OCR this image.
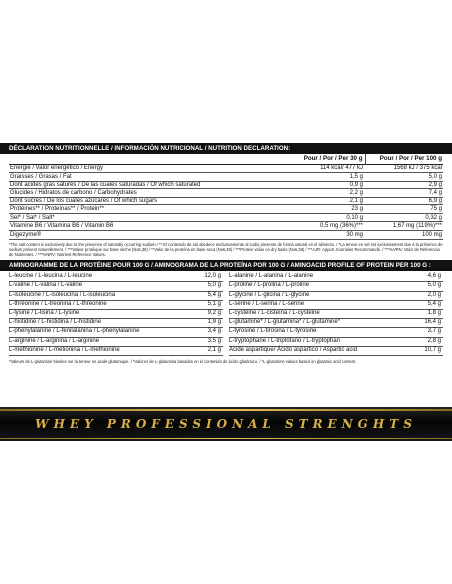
DÉCLARATION NUTRITIONNELLE / INFORMACIÓN NUTRICIONAL / NUTRITION DECLARATION:
	Pour / Por / Per 30 g	Pour / Por / Per 100 g
Energie / Valor energético / Energy	114 kcal/ 477 kJ	1568 kJ / 375 kcal
Graisses / Grasas / Fat	1,5 g	5,0 g
Dont acides gras saturés / De las cuales saturadas / Of which saturated	0,9 g	2,9 g
Glucides / Hidratos de carbono / Carbohydrates	2,2 g	7,4 g
Dont sucres / De los cuales azúcares / Of which sugars	2,1 g	6,9 g
Protéines** / Proteínas** / Protein**	23 g	75 g
Sel* / Sal* / Salt*	0,10 g	0,32 g
Vitamine B6 / Vitamina B6 / Vitamin B6	0,5 mg (36%)***	1,67 mg (119%)***
Digezyme®	30 mg	100 mg
*The salt content is exclusively due to the presence of naturally occurring sodium / ** El contenido de sal obedece exclusivamente al sodio presente de forma natural en el alimento. / *La teneur en sel est exclusivement due à la présence de sodium présent naturellement. / ***Valeur protéique sur base sèche (Nx6,38) / **Valor de la proteína en base seca (Nx6,38) / ***Protein value on dry basis (Nx6,38) / ***AJR: Apport Journalier Recommandé. / ***%VRN: Valor de Referencia de Nutrientes. / ***%NRV: Nutrient Reference Values.
AMINOGRAMME DE LA PROTÉINE POUR 100 G / AMINOGRAMA DE LA PROTEÍNA POR 100 G / AMINOACID PROFILE OF PROTEIN PER 100 G :
L-leucine / L-leucina / L-leucine	12,0 g
L-valine / L-valina / L-valine	5,0 g
L-isoleucine / L-isoleucina / L-isoleucina	5,4 g
L-thréonine / L-treonina / L-threonine	5,1 g
L-lysine / L-lisina / L-lysine	9,2 g
L-histidine / L-histidina / L-histidine	1,9 g
L-phénylalanine / L-fenilalanina / L-phenylalanine	3,4 g
L-arginine / L-arginina / L-arginine	3,5 g
L-methionine / L-metionina / L-methionine	2,1 g
L-alanine / L-alanina / L-alanine	4,6 g
L-proline / L-prolina / L-proline	5,0 g
L-glycine / L-glicina / L-glycine	2,0 g
L-serine / L-serina / L-serine	5,4 g
L-cystéine / L-cisteína / L-cysteine	1,8 g
L-glutamine* / L-glutamina* / L-glutamine*	16,4 g
L-tyrosine / L-tirosina / L-tyrosine	3,7 g
L-tryptophane / L-triptófano / L-tryptophan	2,8 g
Acide aspartique/ Ácido aspártico / Aspartic acid	10,7 g
*Valeurs de L-glutamine basées sur la teneur en acide glutamique. / *Valores de L-glutamina basados en el contenido de ácido glutámico. / *L-glutamine values based on glutamic acid content.
WHEY PROFESSIONAL STRENGHTS
